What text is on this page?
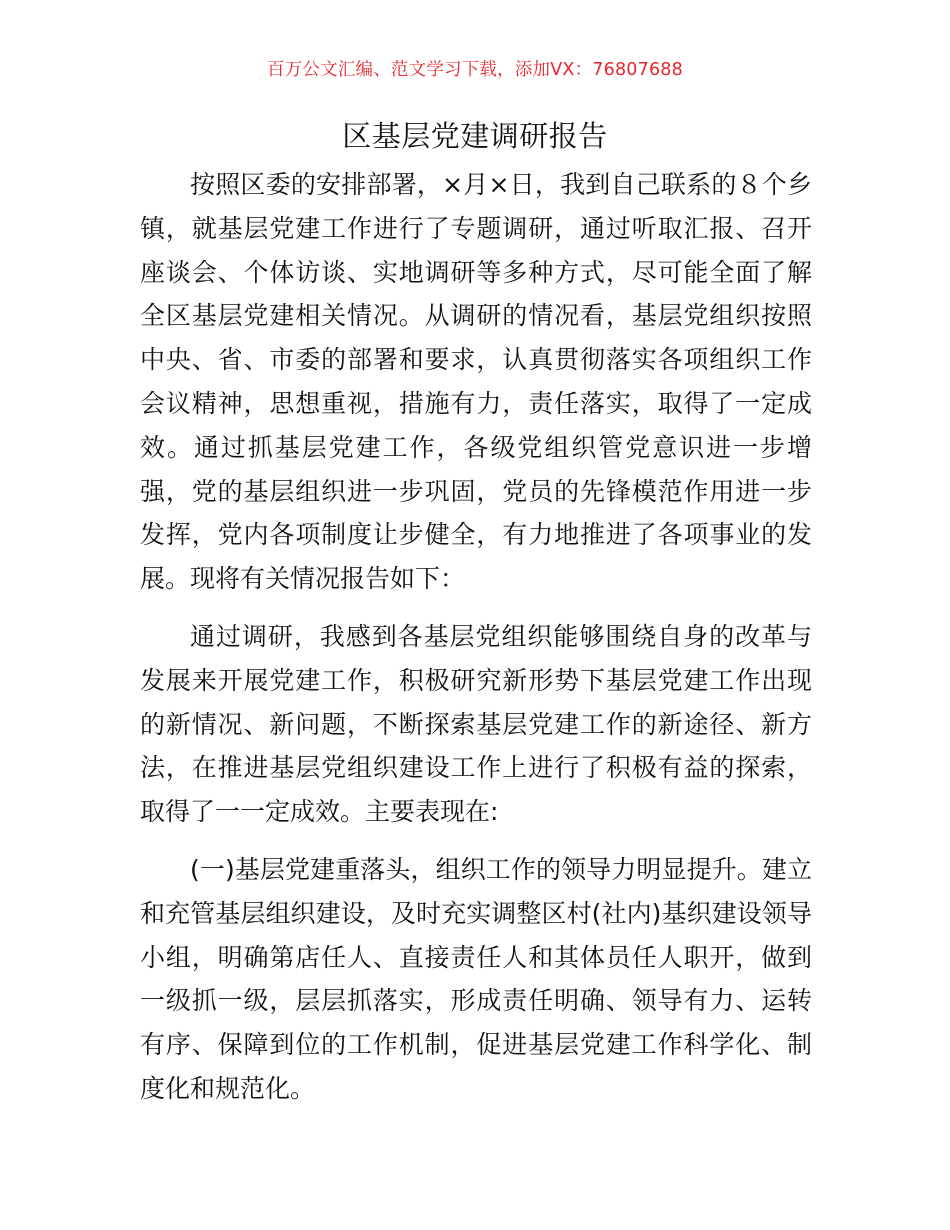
百万公文汇编、范文学习下载，添加VX：76807688
区基层党建调研报告

按照区委的安排部署，×月×日，我到自己联系的８个乡镇，就基层党建工作进行了专题调研，通过听取汇报、召开座谈会、个体访谈、实地调研等多种方式，尽可能全面了解全区基层党建相关情况。从调研的情况看，基层党组织按照中央、省、市委的部署和要求，认真贯彻落实各项组织工作会议精神，思想重视，措施有力，责任落实，取得了一定成效。通过抓基层党建工作，各级党组织管党意识进一步增强，党的基层组织进一步巩固，党员的先锋模范作用进一步发挥，党内各项制度让步健全，有力地推进了各项事业的发展。现将有关情况报告如下：

通过调研，我感到各基层党组织能够围绕自身的改革与发展来开展党建工作，积极研究新形势下基层党建工作出现的新情况、新问题，不断探索基层党建工作的新途径、新方法，在推进基层党组织建设工作上进行了积极有益的探索，取得了一一定成效。主要表现在:

(一)基层党建重落头，组织工作的领导力明显提升。建立和充管基层组织建设，及时充实调整区村(社内)基织建设领导小组，明确第店任人、直接责任人和其体员任人职开，做到一级抓一级，层层抓落实，形成责任明确、领导有力、运转有序、保障到位的工作机制，促进基层党建工作科学化、制度化和规范化。
